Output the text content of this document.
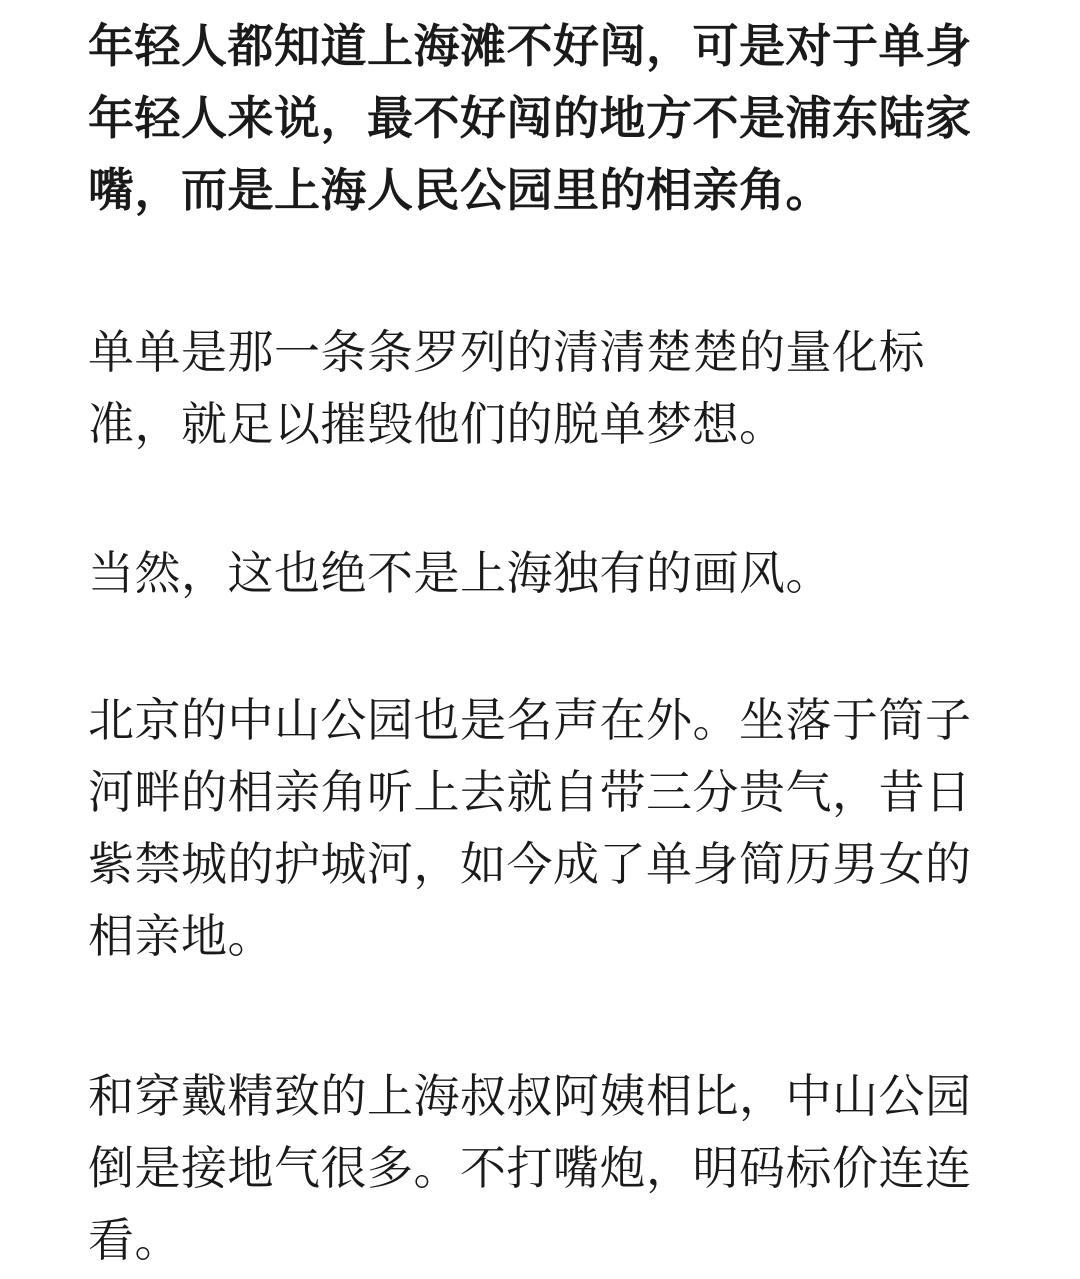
年轻人都知道上海滩不好闯，可是对于单身
年轻人来说，最不好闯的地方不是浦东陆家
嘴，而是上海人民公园里的相亲角。

单单是那一条条罗列的清清楚楚的量化标
准，就足以摧毁他们的脱单梦想。

当然，这也绝不是上海独有的画风。

北京的中山公园也是名声在外。坐落于筒子
河畔的相亲角听上去就自带三分贵气，昔日
紫禁城的护城河，如今成了单身简历男女的
相亲地。

和穿戴精致的上海叔叔阿姨相比，中山公园
倒是接地气很多。不打嘴炮，明码标价连连
看。
